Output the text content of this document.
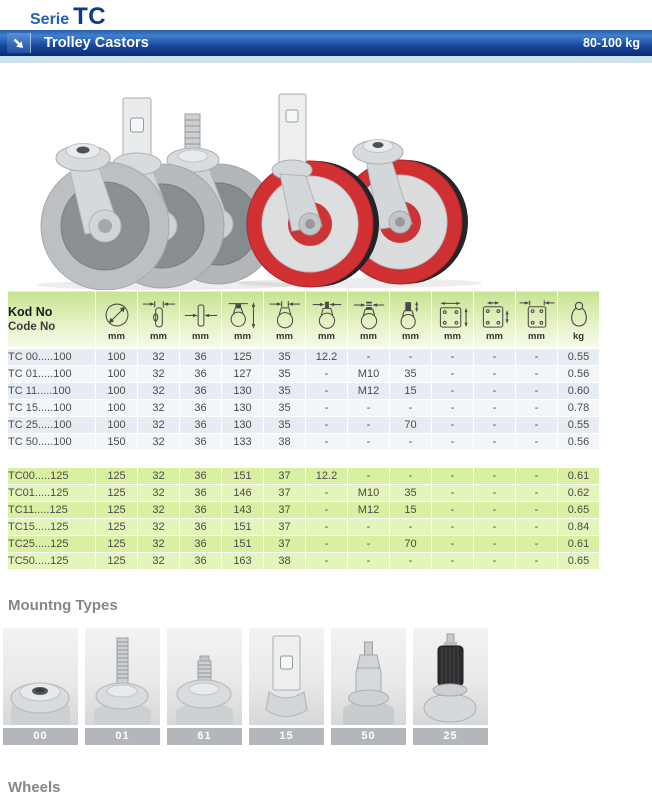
Serie TC
Trolley Castors	80-100 kg
Kod No
Code No	mm	mm	mm	mm	mm	mm	mm	mm	mm	mm	mm	kg

TC 00.....100	100	32	36	125	35	12.2	-	-	-	-	-	0.55
TC 01.....100	100	32	36	127	35	-	M10	35	-	-	-	0.56
TC 11.....100	100	32	36	130	35	-	M12	15	-	-	-	0.60
TC 15.....100	100	32	36	130	35	-	-	-	-	-	-	0.78
TC 25.....100	100	32	36	130	35	-	-	70	-	-	-	0.55
TC 50.....100	150	32	36	133	38	-	-	-	-	-	-	0.56

TC00.....125	125	32	36	151	37	12.2	-	-	-	-	-	0.61
TC01.....125	125	32	36	146	37	-	M10	35	-	-	-	0.62
TC11.....125	125	32	36	143	37	-	M12	15	-	-	-	0.65
TC15.....125	125	32	36	151	37	-	-	-	-	-	-	0.84
TC25.....125	125	32	36	151	37	-	-	70	-	-	-	0.61
TC50.....125	125	32	36	163	38	-	-	-	-	-	-	0.65
Mountng Types
00	01	61	15	50	25
Wheels
